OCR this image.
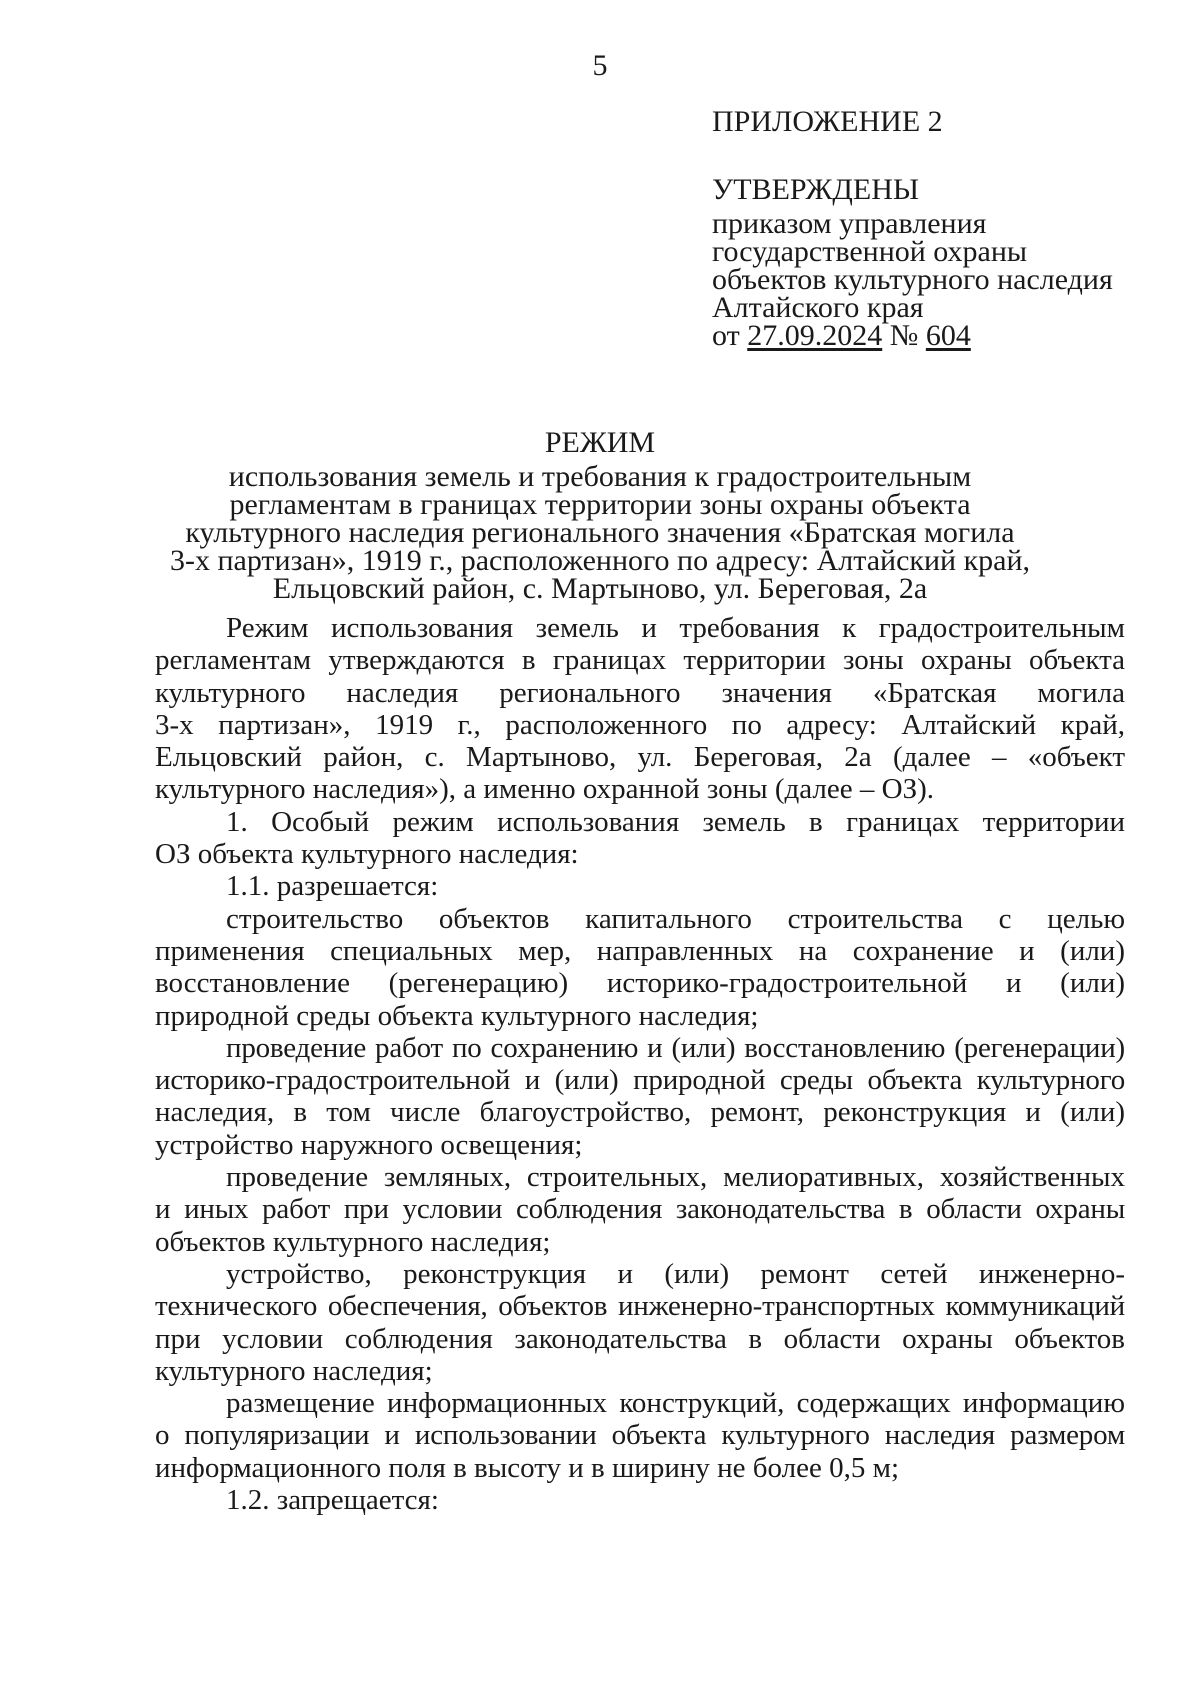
5
ПРИЛОЖЕНИЕ 2
УТВЕРЖДЕНЫ
приказом управления
государственной охраны
объектов культурного наследия
Алтайского края
от 27.09.2024 № 604
РЕЖИМ
использования земель и требования к градостроительным
регламентам в границах территории зоны охраны объекта
культурного наследия регионального значения «Братская могила
3-х партизан», 1919 г., расположенного по адресу: Алтайский край,
Ельцовский район, с. Мартыново, ул. Береговая, 2а
Режим использования земель и требования к градостроительным
регламентам утверждаются в границах территории зоны охраны объекта
культурного наследия регионального значения «Братская могила
3-х партизан», 1919 г., расположенного по адресу: Алтайский край,
Ельцовский район, с. Мартыново, ул. Береговая, 2а (далее – «объект
культурного наследия»), а именно охранной зоны (далее – ОЗ).
1. Особый режим использования земель в границах территории
ОЗ объекта культурного наследия:
1.1. разрешается:
строительство объектов капитального строительства с целью
применения специальных мер, направленных на сохранение и (или)
восстановление (регенерацию) историко-градостроительной и (или)
природной среды объекта культурного наследия;
проведение работ по сохранению и (или) восстановлению (регенерации)
историко-градостроительной и (или) природной среды объекта культурного
наследия, в том числе благоустройство, ремонт, реконструкция и (или)
устройство наружного освещения;
проведение земляных, строительных, мелиоративных, хозяйственных
и иных работ при условии соблюдения законодательства в области охраны
объектов культурного наследия;
устройство, реконструкция и (или) ремонт сетей инженерно-
технического обеспечения, объектов инженерно-транспортных коммуникаций
при условии соблюдения законодательства в области охраны объектов
культурного наследия;
размещение информационных конструкций, содержащих информацию
о популяризации и использовании объекта культурного наследия размером
информационного поля в высоту и в ширину не более 0,5 м;
1.2. запрещается:
